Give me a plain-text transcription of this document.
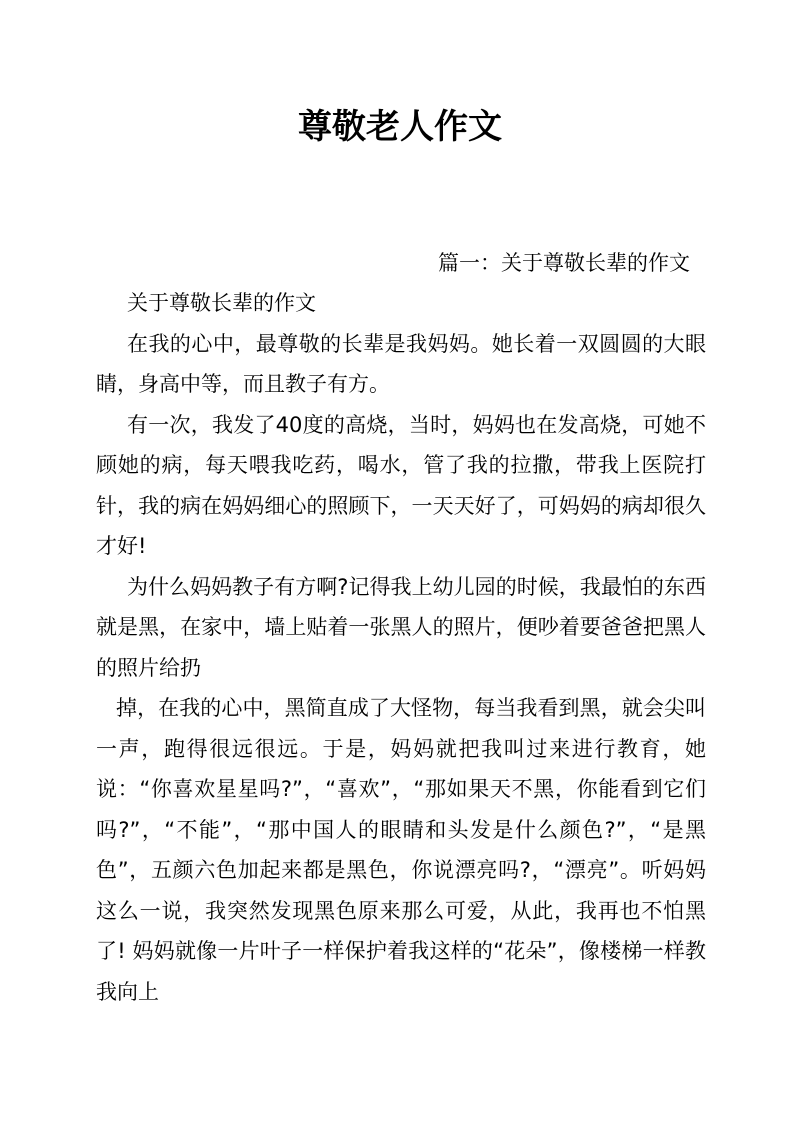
尊敬老人作文
篇一：关于尊敬长辈的作文

关于尊敬长辈的作文

在我的心中，最尊敬的长辈是我妈妈。她长着一双圆圆的大眼睛，身高中等，而且教子有方。

有一次，我发了40度的高烧，当时，妈妈也在发高烧，可她不顾她的病，每天喂我吃药，喝水，管了我的拉撒，带我上医院打针，我的病在妈妈细心的照顾下，一天天好了，可妈妈的病却很久才好!

为什么妈妈教子有方啊?记得我上幼儿园的时候，我最怕的东西就是黑，在家中，墙上贴着一张黑人的照片，便吵着要爸爸把黑人的照片给扔

掉，在我的心中，黑简直成了大怪物，每当我看到黑，就会尖叫一声，跑得很远很远。于是，妈妈就把我叫过来进行教育，她说：“你喜欢星星吗?”，“喜欢”，“那如果天不黑，你能看到它们吗?”，“不能”，“那中国人的眼睛和头发是什么颜色?”，“是黑色”，五颜六色加起来都是黑色，你说漂亮吗?，“漂亮”。听妈妈这么一说，我突然发现黑色原来那么可爱，从此，我再也不怕黑了! 妈妈就像一片叶子一样保护着我这样的“花朵”，像楼梯一样教我向上
